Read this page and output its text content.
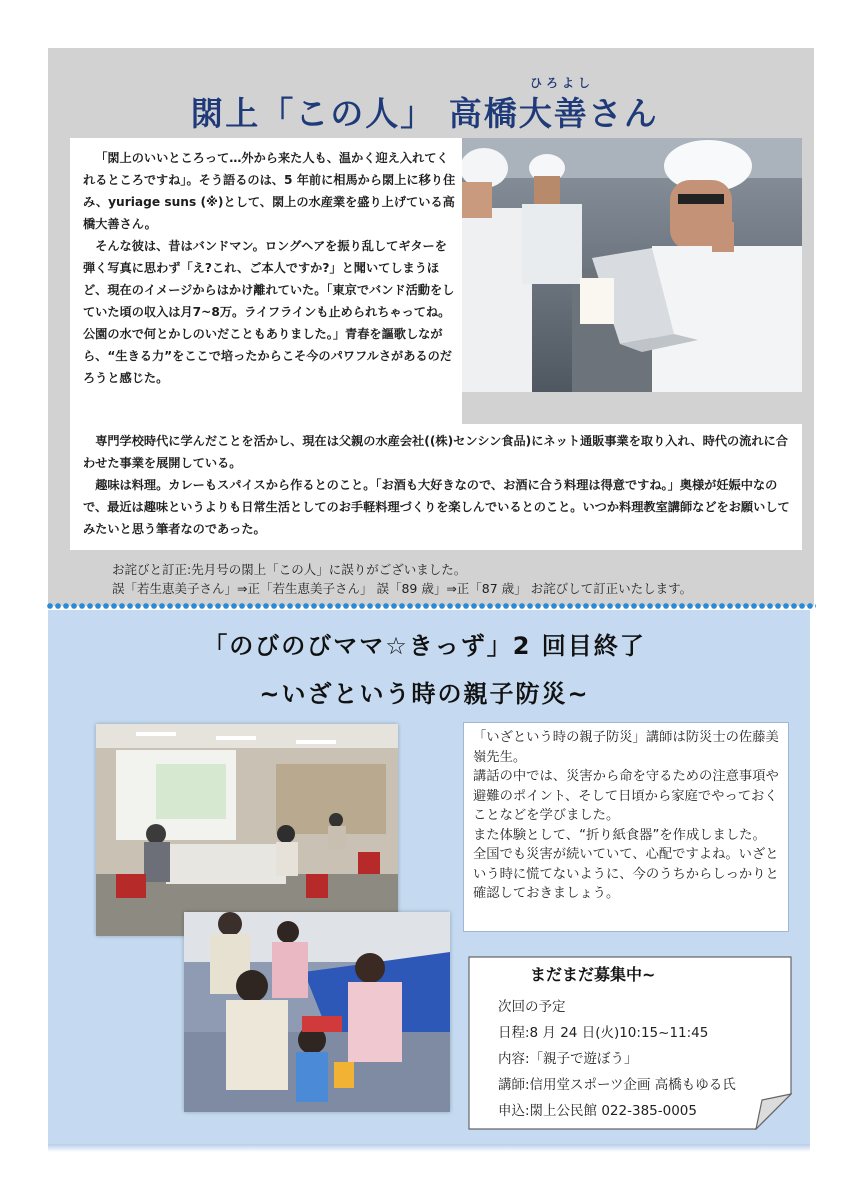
ひろよし
閖上「この人」 高橋大善さん

「閖上のいいところって…外から来た人も、温かく迎え入れてくれるところですね」。そう語るのは、5 年前に相馬から閖上に移り住み、yuriage suns (※)として、閖上の水産業を盛り上げている高橋大善さん。

そんな彼は、昔はバンドマン。ロングヘアを振り乱してギターを弾く写真に思わず「え?これ、ご本人ですか?」と聞いてしまうほど、現在のイメージからはかけ離れていた。「東京でバンド活動をしていた頃の収入は月7~8万。ライフラインも止められちゃってね。公園の水で何とかしのいだこともありました。」青春を謳歌しながら、“生きる力”をここで培ったからこそ今のパワフルさがあるのだろうと感じた。

専門学校時代に学んだことを活かし、現在は父親の水産会社((株)センシン食品)にネット通販事業を取り入れ、時代の流れに合わせた事業を展開している。

趣味は料理。カレーもスパイスから作るとのこと。「お酒も大好きなので、お酒に合う料理は得意ですね。」奥様が妊娠中なので、最近は趣味というよりも日常生活としてのお手軽料理づくりを楽しんでいるとのこと。いつか料理教室講師などをお願いしてみたいと思う筆者なのであった。

お詫びと訂正:先月号の閖上「この人」に誤りがございました。
誤「若生恵美子さん」⇒正「若生恵美子さん」 誤「89 歳」⇒正「87 歳」 お詫びして訂正いたします。
「のびのびママ☆きっず」2 回目終了
~いざという時の親子防災~

「いざという時の親子防災」講師は防災士の佐藤美嶺先生。

講話の中では、災害から命を守るための注意事項や避難のポイント、そして日頃から家庭でやっておくことなどを学びました。

また体験として、“折り紙食器”を作成しました。

全国でも災害が続いていて、心配ですよね。いざという時に慌てないように、今のうちからしっかりと確認しておきましょう。

まだまだ募集中~
次回の予定
日程:8 月 24 日(火)10:15~11:45
内容:「親子で遊ぼう」
講師:信用堂スポーツ企画 高橋もゆる氏
申込:閖上公民館 022-385-0005
